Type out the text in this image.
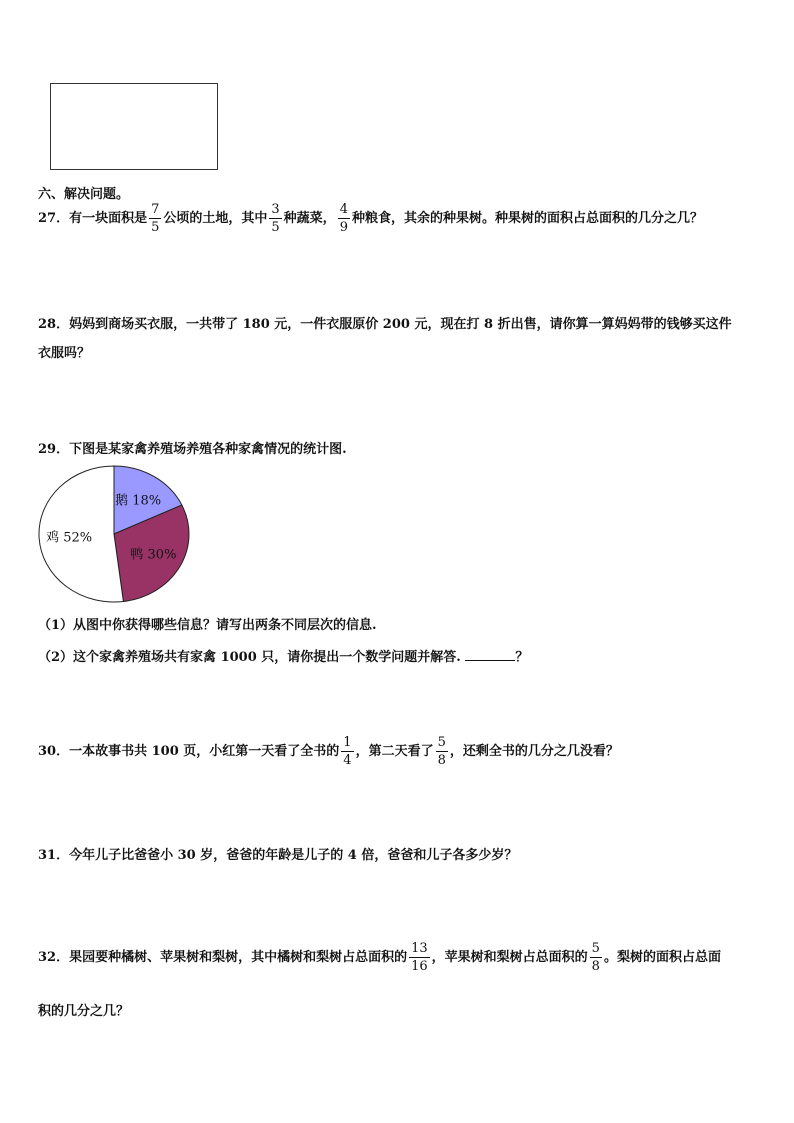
六、解决问题。
27．有一块面积是 $\frac{7}{5}$ 公顷的土地，其中 $\frac{3}{5}$ 种蔬菜， $\frac{4}{9}$ 种粮食，其余的种果树。种果树的面积占总面积的几分之几？
28．妈妈到商场买衣服，一共带了 180 元，一件衣服原价 200 元，现在打 8 折出售，请你算一算妈妈带的钱够买这件
衣服吗？
29．下图是某家禽养殖场养殖各种家禽情况的统计图.
鹅 18%
鸭 30%
鸡 52%
（1）从图中你获得哪些信息？请写出两条不同层次的信息.
（2）这个家禽养殖场共有家禽 1000 只，请你提出一个数学问题并解答.	？
30．一本故事书共 100 页，小红第一天看了全书的 $\frac{1}{4}$ ，第二天看了 $\frac{5}{8}$ ，还剩全书的几分之几没看？
31．今年儿子比爸爸小 30 岁，爸爸的年龄是儿子的 4 倍，爸爸和儿子各多少岁？
32．果园要种橘树、苹果树和梨树，其中橘树和梨树占总面积的 $\frac{13}{16}$ ，苹果树和梨树占总面积的 $\frac{5}{8}$ 。梨树的面积占总面
积的几分之几？
